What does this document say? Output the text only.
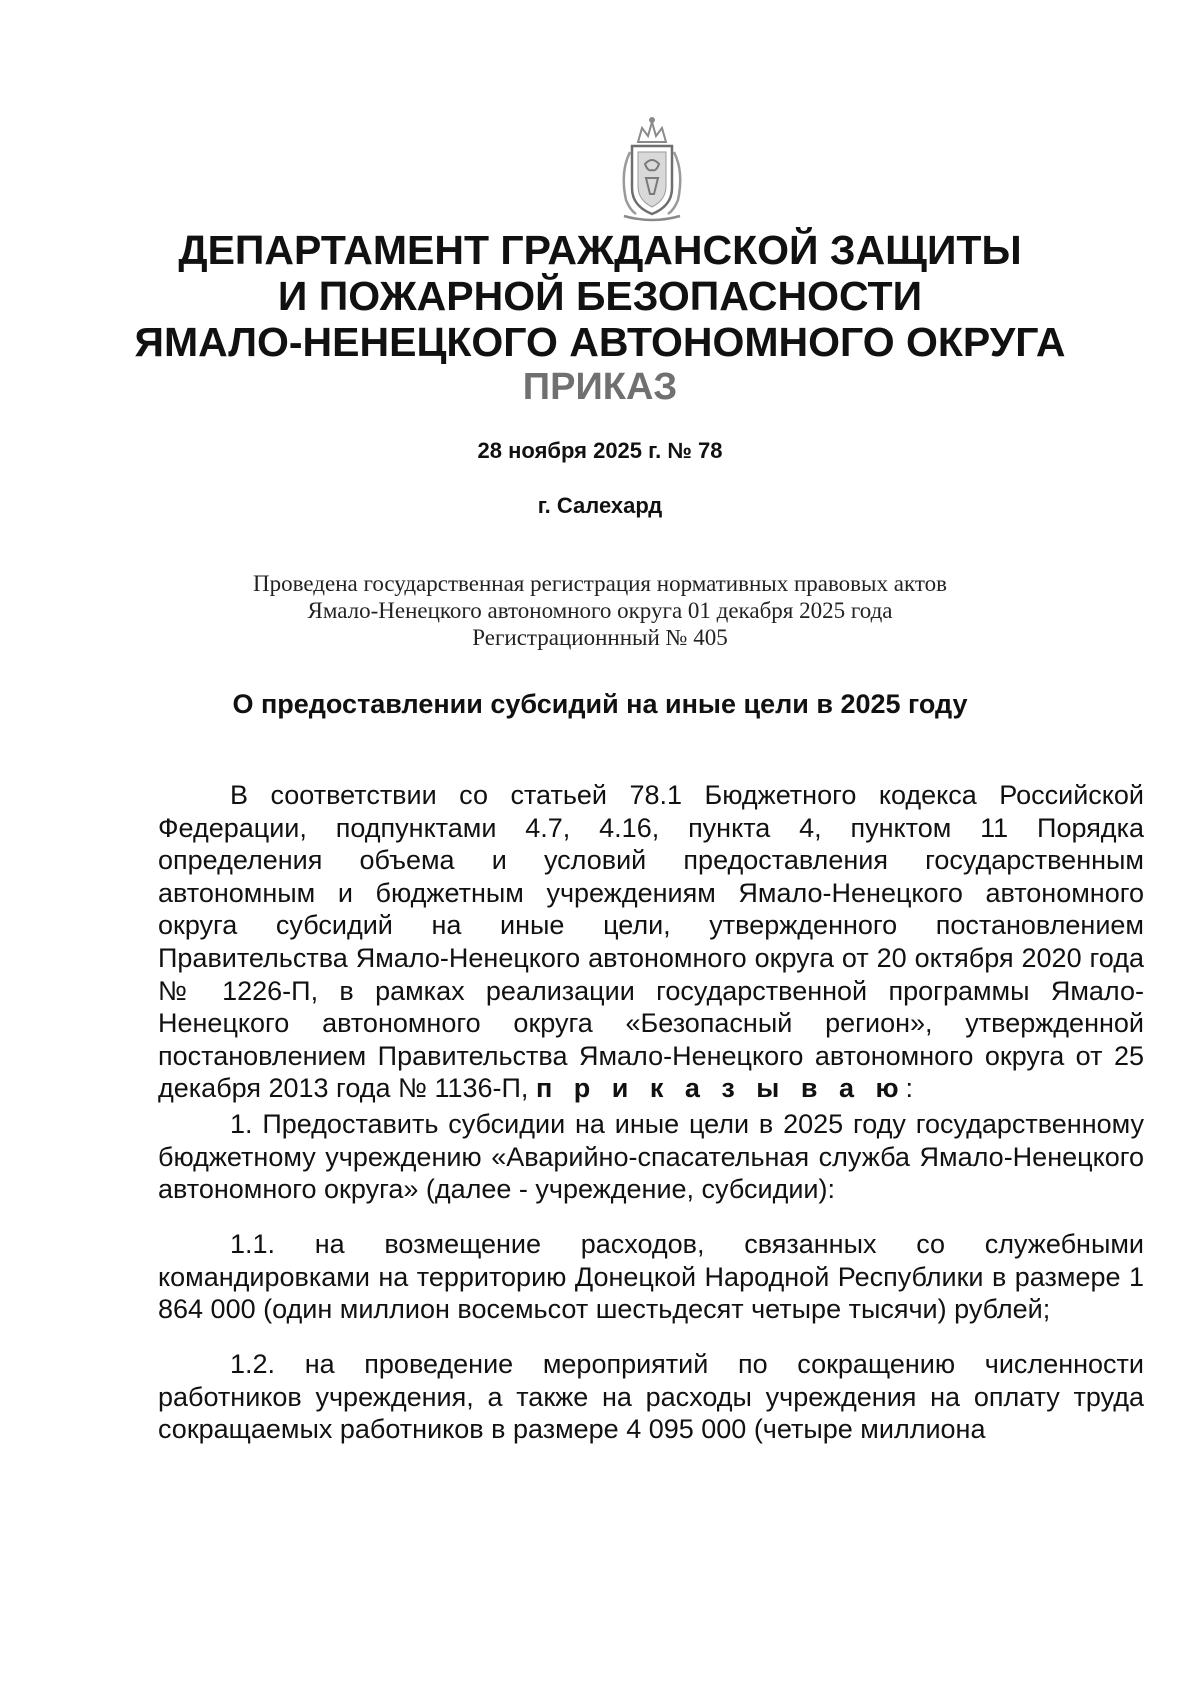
ДЕПАРТАМЕНТ ГРАЖДАНСКОЙ ЗАЩИТЫ
И ПОЖАРНОЙ БЕЗОПАСНОСТИ
ЯМАЛО-НЕНЕЦКОГО АВТОНОМНОГО ОКРУГА
ПРИКАЗ
28 ноября 2025 г. № 78
г. Салехард
Проведена государственная регистрация нормативных правовых актов
Ямало-Ненецкого автономного округа 01 декабря 2025 года
Регистрационнный № 405
О предоставлении субсидий на иные цели в 2025 году

В соответствии со статьей 78.1 Бюджетного кодекса Российской Федерации, подпунктами 4.7, 4.16, пункта 4, пунктом 11 Порядка определения объема и условий предоставления государственным автономным и бюджетным учреждениям Ямало-Ненецкого автономного округа субсидий на иные цели, утвержденного постановлением Правительства Ямало-Ненецкого автономного округа от 20 октября 2020 года № 1226-П, в рамках реализации государственной программы Ямало-Ненецкого автономного округа «Безопасный регион», утвержденной постановлением Правительства Ямало-Ненецкого автономного округа от 25 декабря 2013 года № 1136-П, п р и к а з ы в а ю:

1. Предоставить субсидии на иные цели в 2025 году государственному бюджетному учреждению «Аварийно-спасательная служба Ямало-Ненецкого автономного округа» (далее - учреждение, субсидии):

1.1. на возмещение расходов, связанных со служебными командировками на территорию Донецкой Народной Республики в размере 1 864 000 (один миллион восемьсот шестьдесят четыре тысячи) рублей;

1.2. на проведение мероприятий по сокращению численности работников учреждения, а также на расходы учреждения на оплату труда сокращаемых работников в размере 4 095 000 (четыре миллиона
